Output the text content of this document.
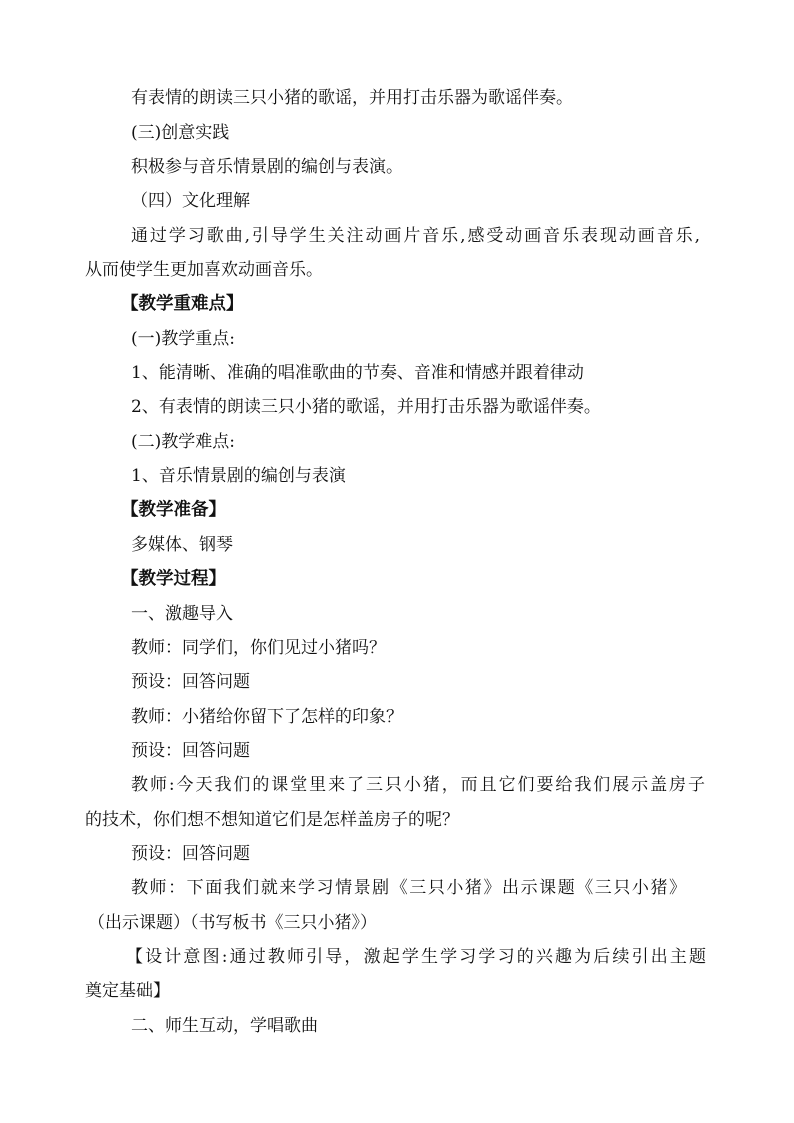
有表情的朗读三只小猪的歌谣，并用打击乐器为歌谣伴奏。
(三)创意实践
积极参与音乐情景剧的编创与表演。
（四）文化理解
通过学习歌曲,引导学生关注动画片音乐,感受动画音乐表现动画音乐,
从而使学生更加喜欢动画音乐。
【教学重难点】
(一)教学重点:
1、能清晰、准确的唱准歌曲的节奏、音准和情感并跟着律动
2、有表情的朗读三只小猪的歌谣，并用打击乐器为歌谣伴奏。
(二)教学难点:
1、音乐情景剧的编创与表演
【教学准备】
多媒体、钢琴
【教学过程】
一、激趣导入
教师：同学们，你们见过小猪吗？
预设：回答问题
教师：小猪给你留下了怎样的印象？
预设：回答问题
教师:今天我们的课堂里来了三只小猪，而且它们要给我们展示盖房子
的技术，你们想不想知道它们是怎样盖房子的呢？
预设：回答问题
教师：下面我们就来学习情景剧《三只小猪》出示课题《三只小猪》
（出示课题）（书写板书《三只小猪》）
【设计意图:通过教师引导，激起学生学习学习的兴趣为后续引出主题
奠定基础】
二、师生互动，学唱歌曲
